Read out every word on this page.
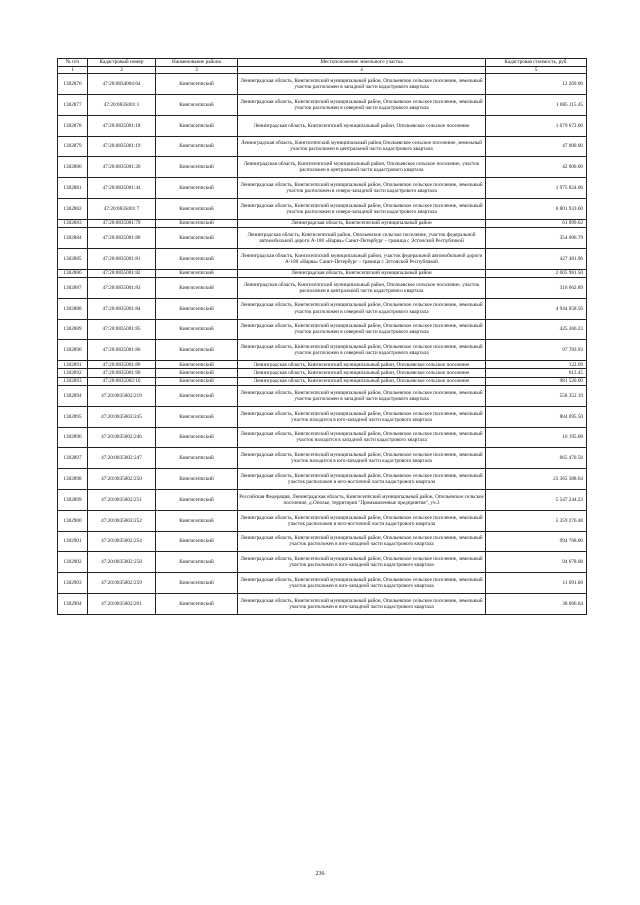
№ п/п	Кадастровый номер	Наименование района	Местоположение земельного участка	Кадастровая стоимость, руб.
1	2	3	4	5
1302876	47:20:0834004:64	Кингисеппский	Ленинградская область, Кингисеппский муниципальный район, Опольевское сельское поселение, земельный участок расположен в западной части кадастрового квартала	12 269.00
1302877	47:20:0835001:1	Кингисеппский	Ленинградская область, Кингисеппский муниципальный район, Опольевское сельское поселение, земельный участок расположен в северной части кадастрового квартала	1 085 115.45
1302878	47:20:0835001:18	Кингисеппский	Ленинградская область, Кингисеппский муниципальный район, Опольевское сельское поселение	1 079 672.00
1302879	47:20:0835001:19	Кингисеппский	Ленинградская область, Кингисеппский муниципальный район,Опольевское сельское поселение, земельный участок расположен в центральной части кадастрового квартала	47 000.00
1302880	47:20:0835001:20	Кингисеппский	Ленинградская область, Кингисеппский муниципальный район, Опольевское сельское поселение, участок расположен в центральной части кадастрового квартала	42 000.00
1302881	47:20:0835001:44	Кингисеппский	Ленинградская область, Кингисеппский муниципальный район, Опольевское сельское поселение, земельный участок расположен в северо-западной части кадастрового квартала	1 975 824.00
1302882	47:20:0835001:7	Кингисеппский	Ленинградская область, Кингисеппский муниципальный район, Опольевское сельское поселение, земельный участок расположен в северо-западной части кадастрового квартала	6 801 933.60
1302883	47:20:0835001:79	Кингисеппский	Ленинградская область, Кингисеппский муниципальный район	61 099.62
1302884	47:20:0835001:80	Кингисеппский	Ленинградская область, Кингисеппский район, Опольевское сельское поселение, участок федеральной автомобильной дороги А-180 «Нарва» Санкт-Петербург – граница с Эстонской Республикой	354 606.79
1302885	47:20:0835001:81	Кингисеппский	Ленинградская область, Кингисеппский муниципальный район, участок федеральной автомобильной дороги А-180 «Нарва» Санкт-Петербург – граница с Эстонской Республикой	427 481.96
1302886	47:20:0835001:82	Кингисеппский	Ленинградская область, Кингисеппский муниципальный район	2 005 981.50
1302887	47:20:0835001:83	Кингисеппский	Ленинградская область, Кингисеппский муниципальный район, Опольевское сельское поселение, участок расположен в центральной части кадастрового квартала	316 662.89
1302888	47:20:0835001:84	Кингисеппский	Ленинградская область, Кингисеппский муниципальный район, Опольевское сельское поселение, земельный участок расположен в северной части кадастрового квартала	4 944 058.56
1302889	47:20:0835001:85	Кингисеппский	Ленинградская область, Кингисеппский муниципальный район, Опольевское сельское поселение, земельный участок расположен в северной части кадастрового квартала	425 366.23
1302890	47:20:0835001:86	Кингисеппский	Ленинградская область, Кингисеппский муниципальный район, Опольевское сельское поселение, земельный участок расположен в северной части кадастрового квартала	97 783.93
1302891	47:20:0835001:89	Кингисеппский	Ленинградская область, Кингисеппский муниципальный район, Опольевское сельское поселение	122.69
1302892	47:20:0835001:90	Кингисеппский	Ленинградская область, Кингисеппский муниципальный район, Опольевское сельское поселение	613.45
1302893	47:20:0835002:10	Кингисеппский	Ленинградская область, Кингисеппский муниципальный район, Опольевское сельское поселение	981 520.00
1302894	47:20:0835002:219	Кингисеппский	Ленинградская область, Кингисеппский муниципальный район, Опольевское сельское поселение, земельный участок расположен в западной части кадастрового квартала	558 352.19
1302895	47:20:0835002:245	Кингисеппский	Ленинградская область, Кингисеппский муниципальный район, Опольевское сельское поселение, земельный участок находится в юго-западной части кадастрового квартала	884 695.50
1302896	47:20:0835002:246	Кингисеппский	Ленинградская область, Кингисеппский муниципальный район, Опольевское сельское поселение, земельный участок находится в западной части кадастрового квартала	16 195.08
1302897	47:20:0835002:247	Кингисеппский	Ленинградская область, Кингисеппский муниципальный район, Опольевское сельское поселение, земельный участок находится в юго-западной части кадастрового квартала	665 470.56
1302898	47:20:0835002:250	Кингисеппский	Ленинградская область, Кингисеппский муниципальный район, Опольевское сельское поселение, земельный участок расположен в юго-восточной части кадастрового квартала	23 365 388.64
1302899	47:20:0835002:251	Кингисеппский	Российская Федерация, Ленинградская область, Кингисеппский муниципальный район, Опольевское сельское поселение, д.Ополье, территория "Промышленные предприятия", уч.3	5 547 244.23
1302900	47:20:0835002:252	Кингисеппский	Ленинградская область, Кингисеппский муниципальный район, Опольевское сельское поселение, земельный участок расположен в юго-восточной части кадастрового квартала	5 359 276.48
1302901	47:20:0835002:254	Кингисеппский	Ленинградская область, Кингисеппский муниципальный район, Опольевское сельское поселение, земельный участок расположен в юго-западной части кадастрового квартала	994 768.00
1302902	47:20:0835002:258	Кингисеппский	Ленинградская область, Кингисеппский муниципальный район, Опольевское сельское поселение, земельный участок расположен в юго-западной части кадастрового квартала	94 678.08
1302903	47:20:0835002:259	Кингисеппский	Ленинградская область, Кингисеппский муниципальный район, Опольевское сельское поселение, земельный участок расположен в юго-западной части кадастрового квартала	11 691.68
1302904	47:20:0835002:261	Кингисеппский	Ленинградская область, Кингисеппский муниципальный район, Опольевское сельское поселение, земельный участок расположен в юго-западной части кадастрового квартала	38 666.64
236
